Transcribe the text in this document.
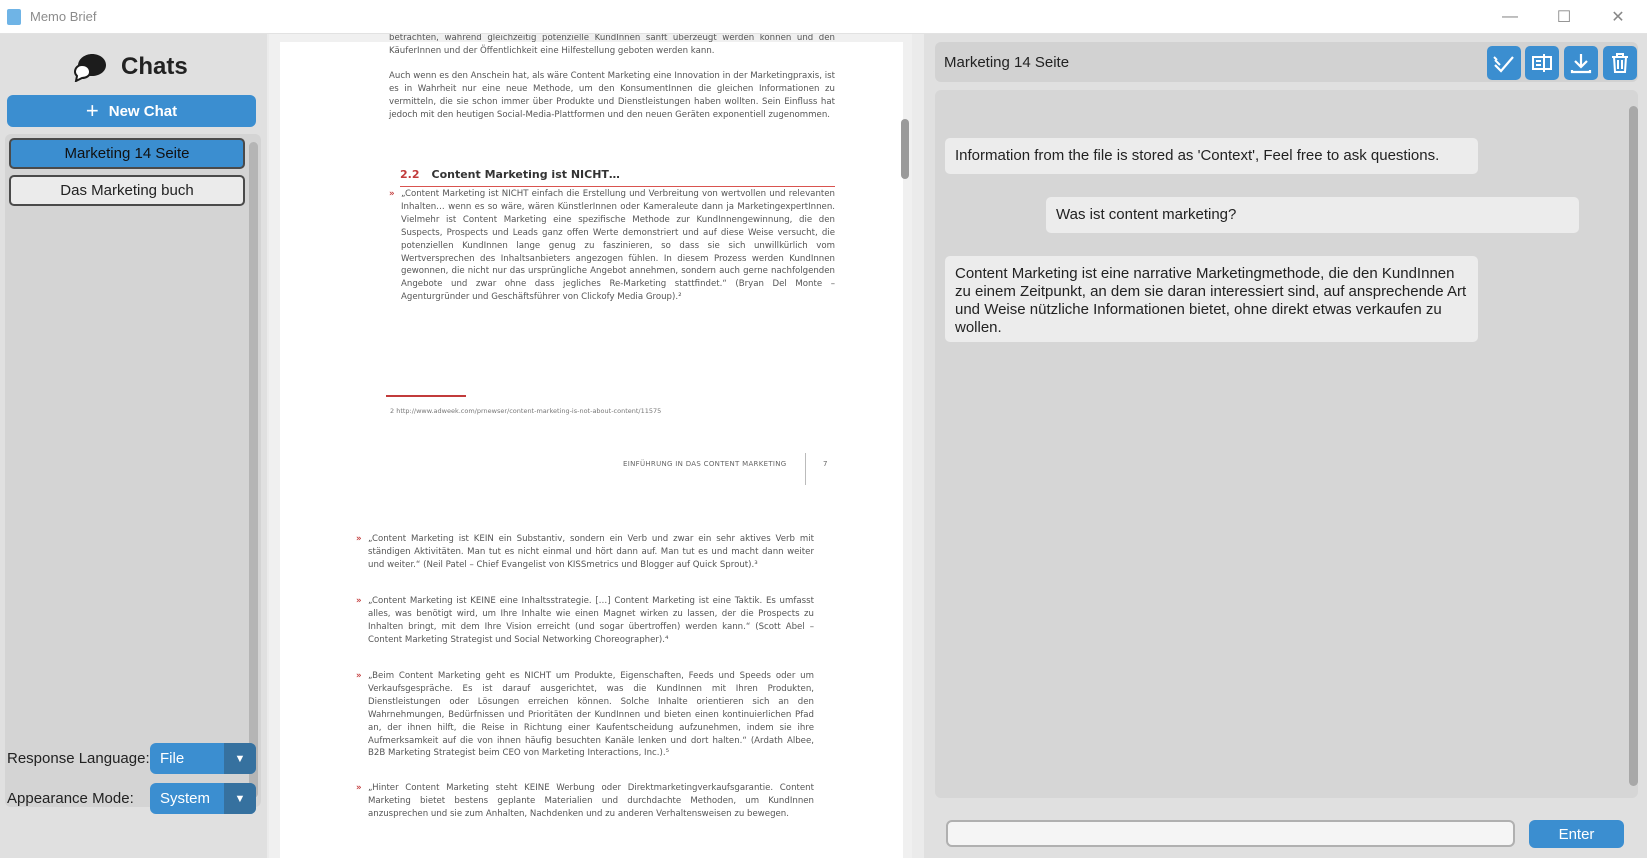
Memo Brief	—	☐	✕
Chats
+ New Chat
Marketing 14 Seite
Das Marketing buch
Response Language: File	▼
Appearance Mode: System	▼
betrachten, während gleichzeitig potenzielle KundInnen sanft überzeugt werden können und den KäuferInnen und der Öffentlichkeit eine Hilfestellung geboten werden kann.
Auch wenn es den Anschein hat, als wäre Content Marketing eine Innovation in der Marketingpraxis, ist es in Wahrheit nur eine neue Methode, um den KonsumentInnen die gleichen Informationen zu vermitteln, die sie schon immer über Produkte und Dienstleistungen haben wollten. Sein Einfluss hat jedoch mit den heutigen Social-Media-Plattformen und den neuen Geräten exponentiell zugenommen.
2.2 Content Marketing ist NICHT…
» „Content Marketing ist NICHT einfach die Erstellung und Verbreitung von wertvollen und relevanten Inhalten… wenn es so wäre, wären KünstlerInnen oder Kameraleute dann ja MarketingexpertInnen. Vielmehr ist Content Marketing eine spezifische Methode zur KundInnengewinnung, die den Suspects, Prospects und Leads ganz offen Werte demonstriert und auf diese Weise versucht, die potenziellen KundInnen lange genug zu faszinieren, so dass sie sich unwillkürlich vom Wertversprechen des Inhaltsanbieters angezogen fühlen. In diesem Prozess werden KundInnen gewonnen, die nicht nur das ursprüngliche Angebot annehmen, sondern auch gerne nachfolgenden Angebote und zwar ohne dass jegliches Re-Marketing stattfindet.“ (Bryan Del Monte – Agenturgründer und Geschäftsführer von Clickofy Media Group).²
2 http://www.adweek.com/prnewser/content-marketing-is-not-about-content/11575
EINFÜHRUNG IN DAS CONTENT MARKETING	7
» „Content Marketing ist KEIN ein Substantiv, sondern ein Verb und zwar ein sehr aktives Verb mit ständigen Aktivitäten. Man tut es nicht einmal und hört dann auf. Man tut es und macht dann weiter und weiter.“ (Neil Patel – Chief Evangelist von KISSmetrics und Blogger auf Quick Sprout).³
» „Content Marketing ist KEINE eine Inhaltsstrategie. […] Content Marketing ist eine Taktik. Es umfasst alles, was benötigt wird, um Ihre Inhalte wie einen Magnet wirken zu lassen, der die Prospects zu Inhalten bringt, mit dem Ihre Vision erreicht (und sogar übertroffen) werden kann.“ (Scott Abel – Content Marketing Strategist und Social Networking Choreographer).⁴
» „Beim Content Marketing geht es NICHT um Produkte, Eigenschaften, Feeds und Speeds oder um Verkaufsgespräche. Es ist darauf ausgerichtet, was die KundInnen mit Ihren Produkten, Dienstleistungen oder Lösungen erreichen können. Solche Inhalte orientieren sich an den Wahrnehmungen, Bedürfnissen und Prioritäten der KundInnen und bieten einen kontinuierlichen Pfad an, der ihnen hilft, die Reise in Richtung einer Kaufentscheidung aufzunehmen, indem sie ihre Aufmerksamkeit auf die von ihnen häufig besuchten Kanäle lenken und dort halten.“ (Ardath Albee, B2B Marketing Strategist beim CEO von Marketing Interactions, Inc.).⁵
» „Hinter Content Marketing steht KEINE Werbung oder Direktmarketingverkaufsgarantie. Content Marketing bietet bestens geplante Materialien und durchdachte Methoden, um KundInnen anzusprechen und sie zum Anhalten, Nachdenken und zu anderen Verhaltensweisen zu bewegen.
Marketing 14 Seite
Information from the file is stored as 'Context', Feel free to ask questions.
Was ist content marketing?
Content Marketing ist eine narrative Marketingmethode, die den KundInnen zu einem Zeitpunkt, an dem sie daran interessiert sind, auf ansprechende Art und Weise nützliche Informationen bietet, ohne direkt etwas verkaufen zu wollen.
Enter
